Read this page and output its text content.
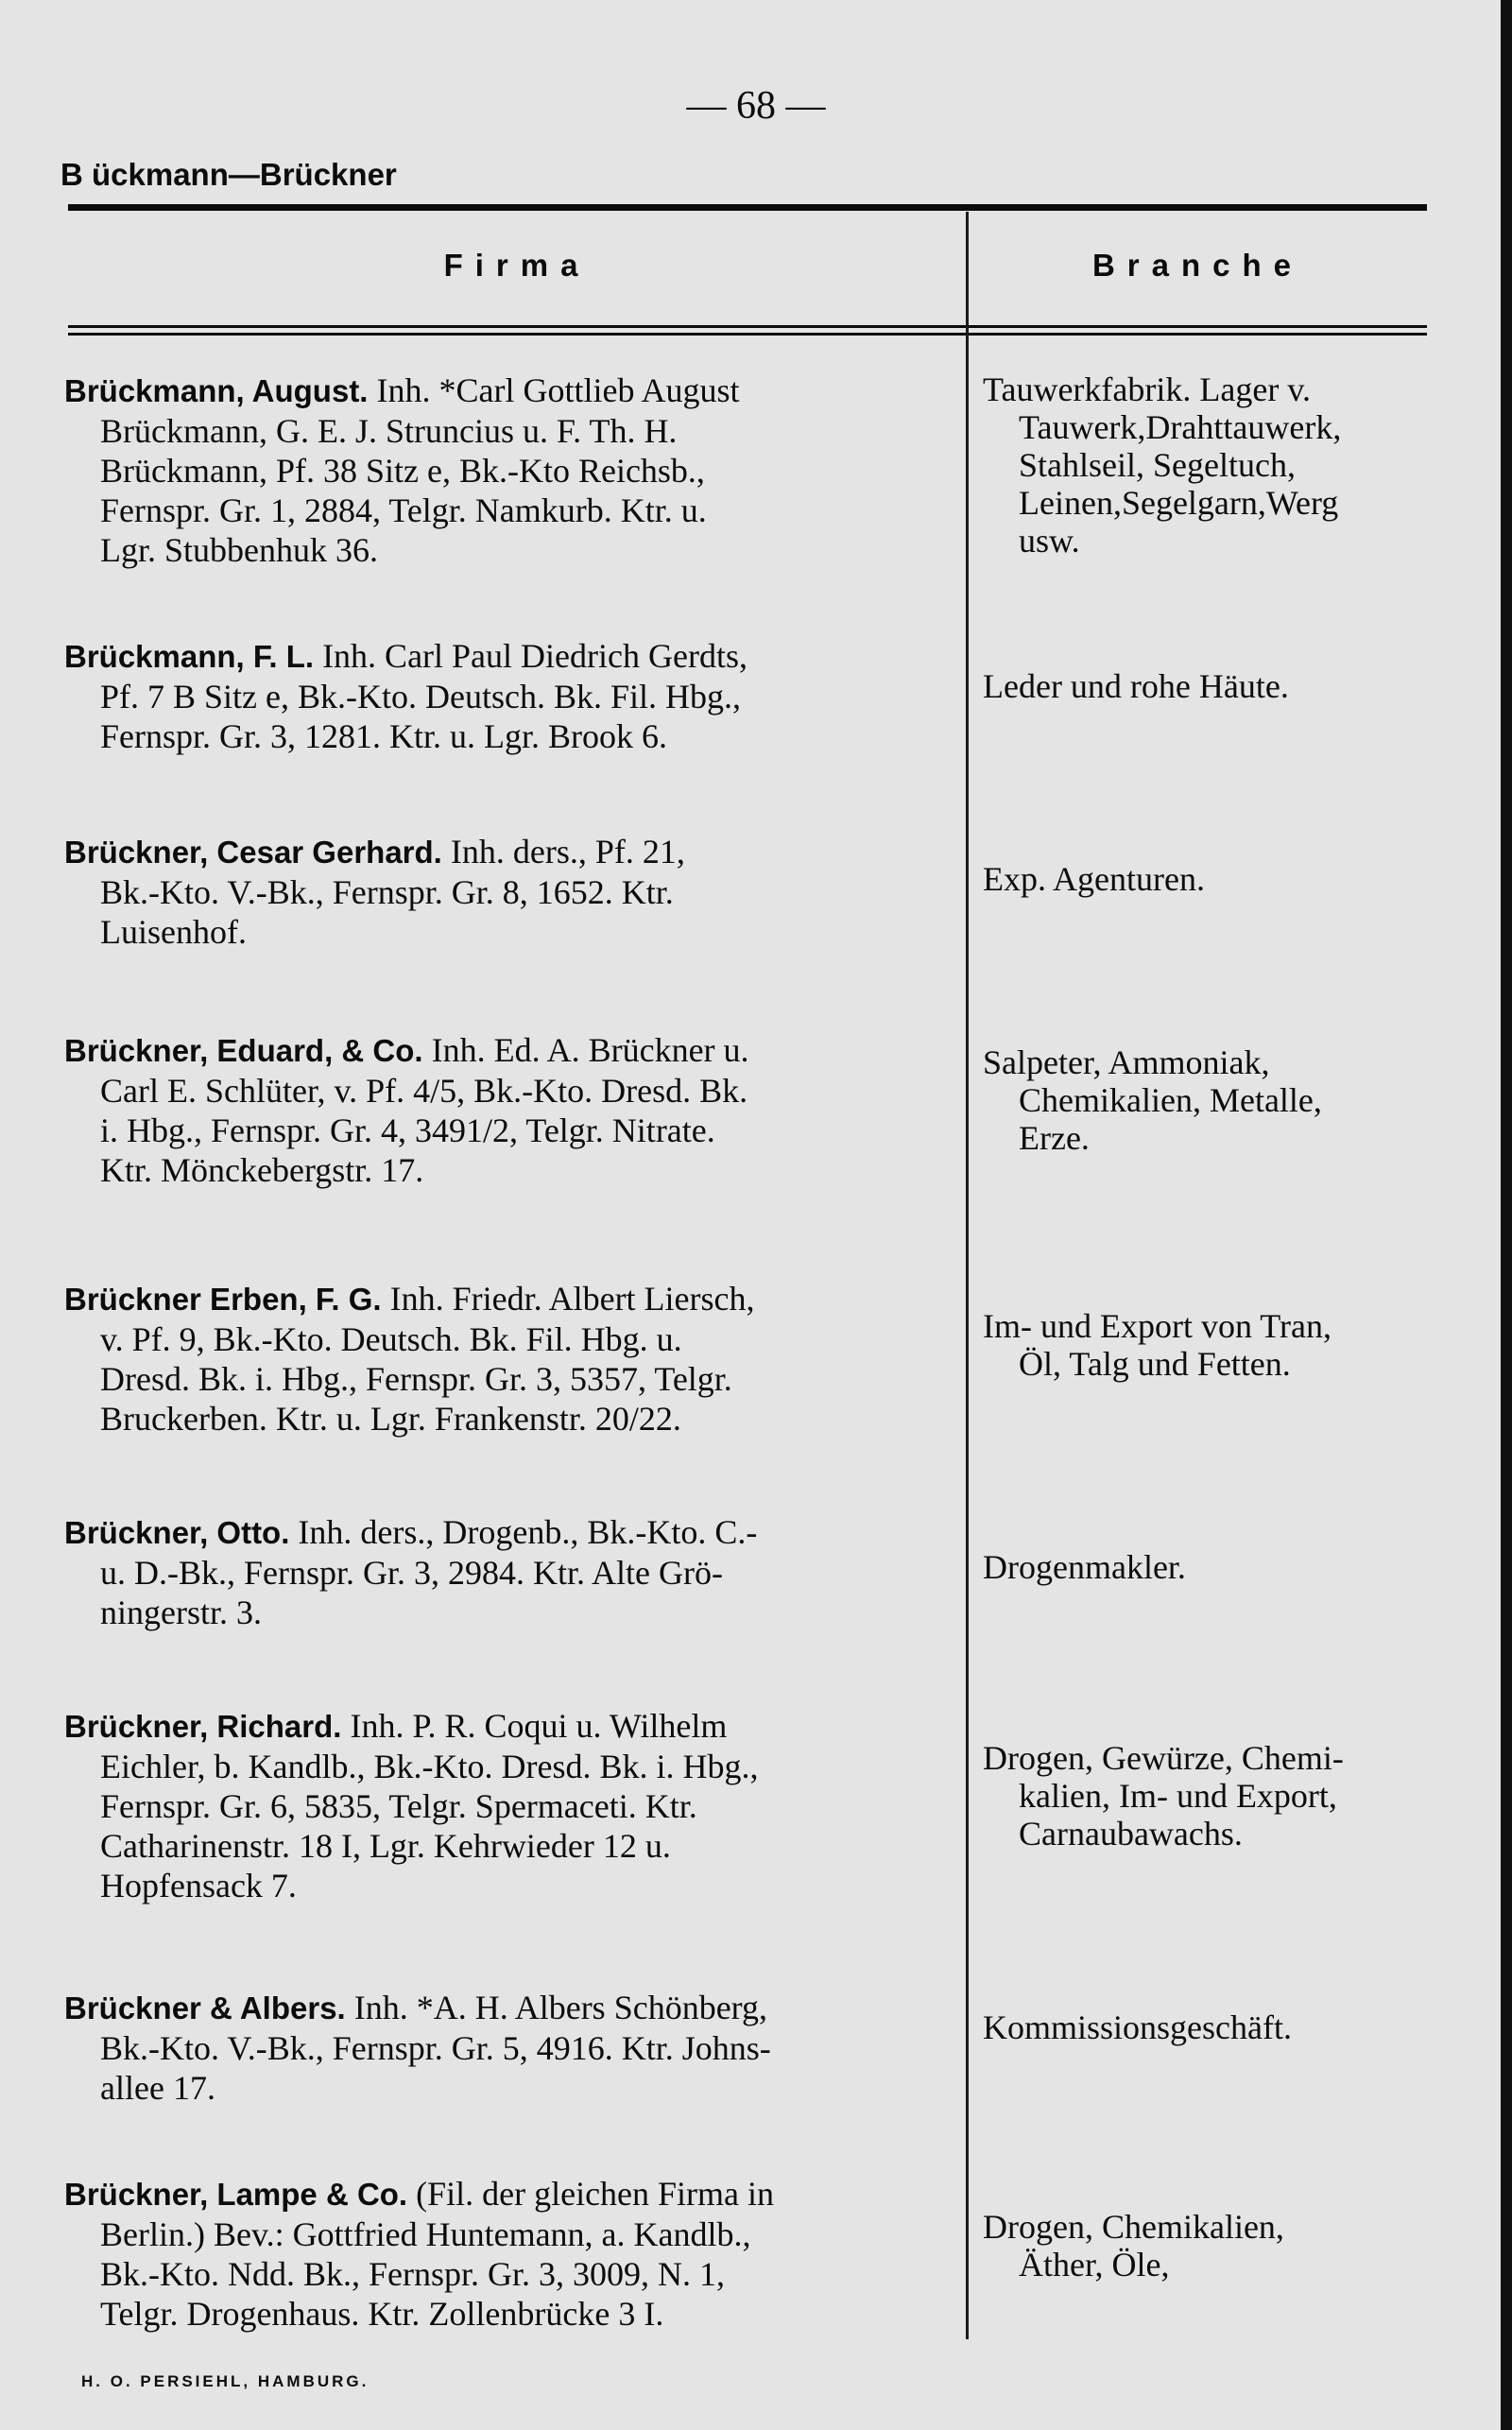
— 68 —
B ückmann—Brückner
Firma	Branche
Brückmann, August. Inh. *Carl Gottlieb August
Brückmann, G. E. J. Struncius u. F. Th. H.
Brückmann, Pf. 38 Sitz e, Bk.-Kto Reichsb.,
Fernspr. Gr. 1, 2884, Telgr. Namkurb. Ktr. u.
Lgr. Stubbenhuk 36.
Tauwerkfabrik. Lager v.
Tauwerk,Drahttauwerk,
Stahlseil, Segeltuch,
Leinen,Segelgarn,Werg
usw.
Brückmann, F. L. Inh. Carl Paul Diedrich Gerdts,
Pf. 7 B Sitz e, Bk.-Kto. Deutsch. Bk. Fil. Hbg.,
Fernspr. Gr. 3, 1281. Ktr. u. Lgr. Brook 6.
Leder und rohe Häute.
Brückner, Cesar Gerhard. Inh. ders., Pf. 21,
Bk.-Kto. V.-Bk., Fernspr. Gr. 8, 1652. Ktr.
Luisenhof.
Exp. Agenturen.
Brückner, Eduard, & Co. Inh. Ed. A. Brückner u.
Carl E. Schlüter, v. Pf. 4/5, Bk.-Kto. Dresd. Bk.
i. Hbg., Fernspr. Gr. 4, 3491/2, Telgr. Nitrate.
Ktr. Mönckebergstr. 17.
Salpeter, Ammoniak,
Chemikalien, Metalle,
Erze.
Brückner Erben, F. G. Inh. Friedr. Albert Liersch,
v. Pf. 9, Bk.-Kto. Deutsch. Bk. Fil. Hbg. u.
Dresd. Bk. i. Hbg., Fernspr. Gr. 3, 5357, Telgr.
Bruckerben. Ktr. u. Lgr. Frankenstr. 20/22.
Im- und Export von Tran,
Öl, Talg und Fetten.
Brückner, Otto. Inh. ders., Drogenb., Bk.-Kto. C.-
u. D.-Bk., Fernspr. Gr. 3, 2984. Ktr. Alte Grö-
ningerstr. 3.
Drogenmakler.
Brückner, Richard. Inh. P. R. Coqui u. Wilhelm
Eichler, b. Kandlb., Bk.-Kto. Dresd. Bk. i. Hbg.,
Fernspr. Gr. 6, 5835, Telgr. Spermaceti. Ktr.
Catharinenstr. 18 I, Lgr. Kehrwieder 12 u.
Hopfensack 7.
Drogen, Gewürze, Chemi-
kalien, Im- und Export,
Carnaubawachs.
Brückner & Albers. Inh. *A. H. Albers Schönberg,
Bk.-Kto. V.-Bk., Fernspr. Gr. 5, 4916. Ktr. Johns-
allee 17.
Kommissionsgeschäft.
Brückner, Lampe & Co. (Fil. der gleichen Firma in
Berlin.) Bev.: Gottfried Huntemann, a. Kandlb.,
Bk.-Kto. Ndd. Bk., Fernspr. Gr. 3, 3009, N. 1,
Telgr. Drogenhaus. Ktr. Zollenbrücke 3 I.
Drogen, Chemikalien,
Äther, Öle,
H. O. PERSIEHL, HAMBURG.
